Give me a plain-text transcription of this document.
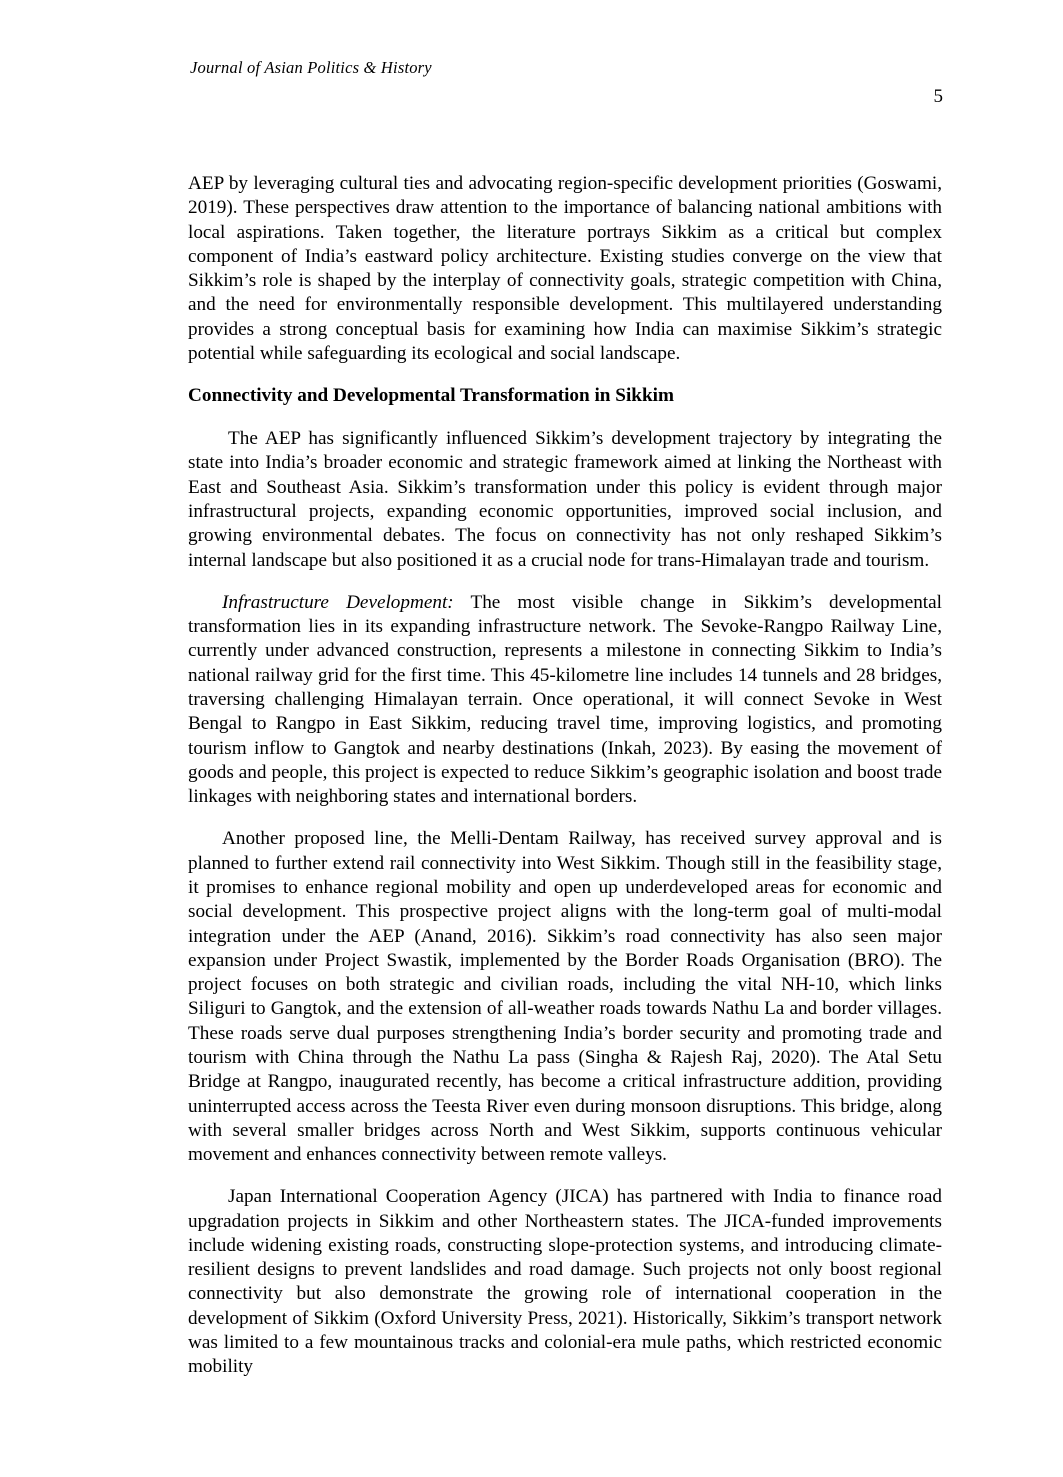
Journal of Asian Politics & History
5

AEP by leveraging cultural ties and advocating region-specific development priorities (Goswami, 2019). These perspectives draw attention to the importance of balancing national ambitions with local aspirations. Taken together, the literature portrays Sikkim as a critical but complex component of India’s eastward policy architecture. Existing studies converge on the view that Sikkim’s role is shaped by the interplay of connectivity goals, strategic competition with China, and the need for environmentally responsible development. This multilayered understanding provides a strong conceptual basis for examining how India can maximise Sikkim’s strategic potential while safeguarding its ecological and social landscape.

Connectivity and Developmental Transformation in Sikkim

The AEP has significantly influenced Sikkim’s development trajectory by integrating the state into India’s broader economic and strategic framework aimed at linking the Northeast with East and Southeast Asia. Sikkim’s transformation under this policy is evident through major infrastructural projects, expanding economic opportunities, improved social inclusion, and growing environmental debates. The focus on connectivity has not only reshaped Sikkim’s internal landscape but also positioned it as a crucial node for trans-Himalayan trade and tourism.

Infrastructure Development: The most visible change in Sikkim’s developmental transformation lies in its expanding infrastructure network. The Sevoke-Rangpo Railway Line, currently under advanced construction, represents a milestone in connecting Sikkim to India’s national railway grid for the first time. This 45-kilometre line includes 14 tunnels and 28 bridges, traversing challenging Himalayan terrain. Once operational, it will connect Sevoke in West Bengal to Rangpo in East Sikkim, reducing travel time, improving logistics, and promoting tourism inflow to Gangtok and nearby destinations (Inkah, 2023). By easing the movement of goods and people, this project is expected to reduce Sikkim’s geographic isolation and boost trade linkages with neighboring states and international borders.

Another proposed line, the Melli-Dentam Railway, has received survey approval and is planned to further extend rail connectivity into West Sikkim. Though still in the feasibility stage, it promises to enhance regional mobility and open up underdeveloped areas for economic and social development. This prospective project aligns with the long-term goal of multi-modal integration under the AEP (Anand, 2016). Sikkim’s road connectivity has also seen major expansion under Project Swastik, implemented by the Border Roads Organisation (BRO). The project focuses on both strategic and civilian roads, including the vital NH-10, which links Siliguri to Gangtok, and the extension of all-weather roads towards Nathu La and border villages. These roads serve dual purposes strengthening India’s border security and promoting trade and tourism with China through the Nathu La pass (Singha & Rajesh Raj, 2020). The Atal Setu Bridge at Rangpo, inaugurated recently, has become a critical infrastructure addition, providing uninterrupted access across the Teesta River even during monsoon disruptions. This bridge, along with several smaller bridges across North and West Sikkim, supports continuous vehicular movement and enhances connectivity between remote valleys.

Japan International Cooperation Agency (JICA) has partnered with India to finance road upgradation projects in Sikkim and other Northeastern states. The JICA-funded improvements include widening existing roads, constructing slope-protection systems, and introducing climate-resilient designs to prevent landslides and road damage. Such projects not only boost regional connectivity but also demonstrate the growing role of international cooperation in the development of Sikkim (Oxford University Press, 2021). Historically, Sikkim’s transport network was limited to a few mountainous tracks and colonial-era mule paths, which restricted economic mobility
